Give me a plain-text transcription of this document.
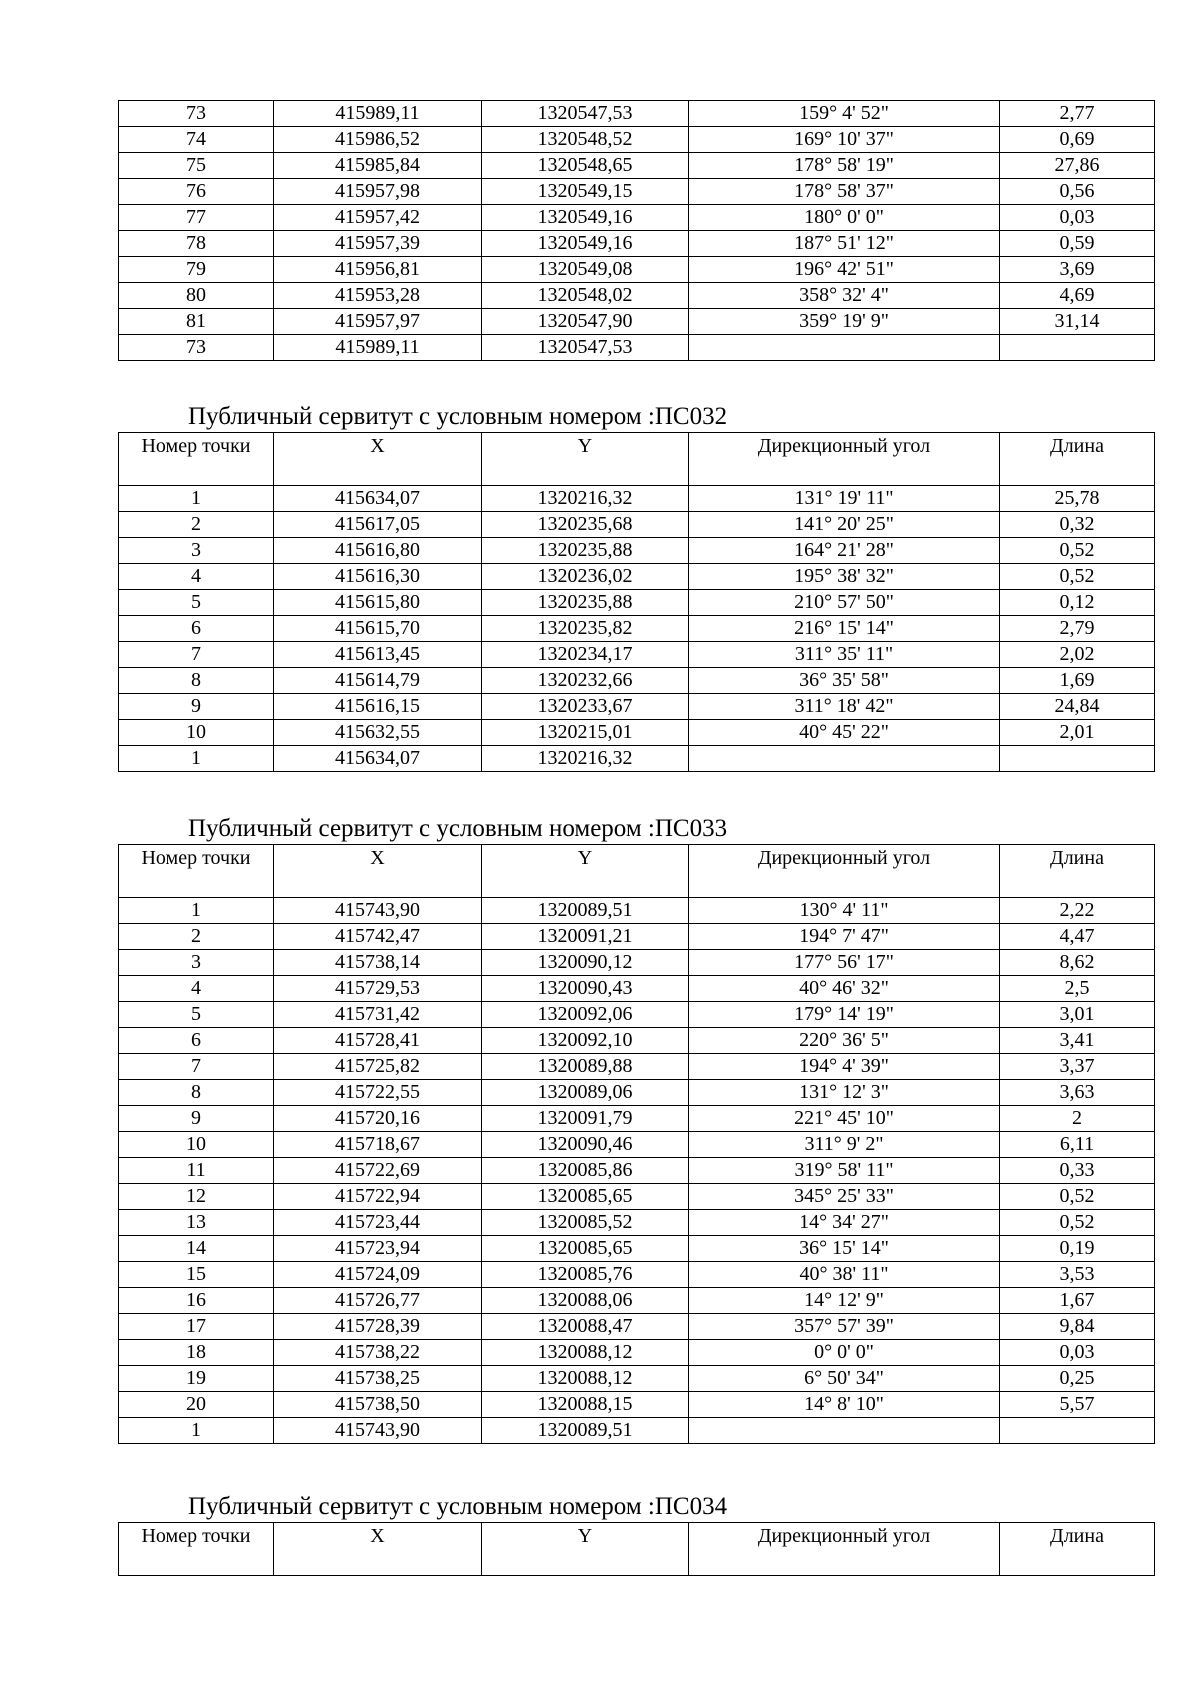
73	415989,11	1320547,53	159° 4' 52"	2,77
74	415986,52	1320548,52	169° 10' 37"	0,69
75	415985,84	1320548,65	178° 58' 19"	27,86
76	415957,98	1320549,15	178° 58' 37"	0,56
77	415957,42	1320549,16	180° 0' 0"	0,03
78	415957,39	1320549,16	187° 51' 12"	0,59
79	415956,81	1320549,08	196° 42' 51"	3,69
80	415953,28	1320548,02	358° 32' 4"	4,69
81	415957,97	1320547,90	359° 19' 9"	31,14
73	415989,11	1320547,53		
Публичный сервитут с условным номером :ПС032
Номер точки	X	Y	Дирекционный угол	Длина
1	415634,07	1320216,32	131° 19' 11"	25,78
2	415617,05	1320235,68	141° 20' 25"	0,32
3	415616,80	1320235,88	164° 21' 28"	0,52
4	415616,30	1320236,02	195° 38' 32"	0,52
5	415615,80	1320235,88	210° 57' 50"	0,12
6	415615,70	1320235,82	216° 15' 14"	2,79
7	415613,45	1320234,17	311° 35' 11"	2,02
8	415614,79	1320232,66	36° 35' 58"	1,69
9	415616,15	1320233,67	311° 18' 42"	24,84
10	415632,55	1320215,01	40° 45' 22"	2,01
1	415634,07	1320216,32		
Публичный сервитут с условным номером :ПС033
Номер точки	X	Y	Дирекционный угол	Длина
1	415743,90	1320089,51	130° 4' 11"	2,22
2	415742,47	1320091,21	194° 7' 47"	4,47
3	415738,14	1320090,12	177° 56' 17"	8,62
4	415729,53	1320090,43	40° 46' 32"	2,5
5	415731,42	1320092,06	179° 14' 19"	3,01
6	415728,41	1320092,10	220° 36' 5"	3,41
7	415725,82	1320089,88	194° 4' 39"	3,37
8	415722,55	1320089,06	131° 12' 3"	3,63
9	415720,16	1320091,79	221° 45' 10"	2
10	415718,67	1320090,46	311° 9' 2"	6,11
11	415722,69	1320085,86	319° 58' 11"	0,33
12	415722,94	1320085,65	345° 25' 33"	0,52
13	415723,44	1320085,52	14° 34' 27"	0,52
14	415723,94	1320085,65	36° 15' 14"	0,19
15	415724,09	1320085,76	40° 38' 11"	3,53
16	415726,77	1320088,06	14° 12' 9"	1,67
17	415728,39	1320088,47	357° 57' 39"	9,84
18	415738,22	1320088,12	0° 0' 0"	0,03
19	415738,25	1320088,12	6° 50' 34"	0,25
20	415738,50	1320088,15	14° 8' 10"	5,57
1	415743,90	1320089,51		
Публичный сервитут с условным номером :ПС034
Номер точки	X	Y	Дирекционный угол	Длина
